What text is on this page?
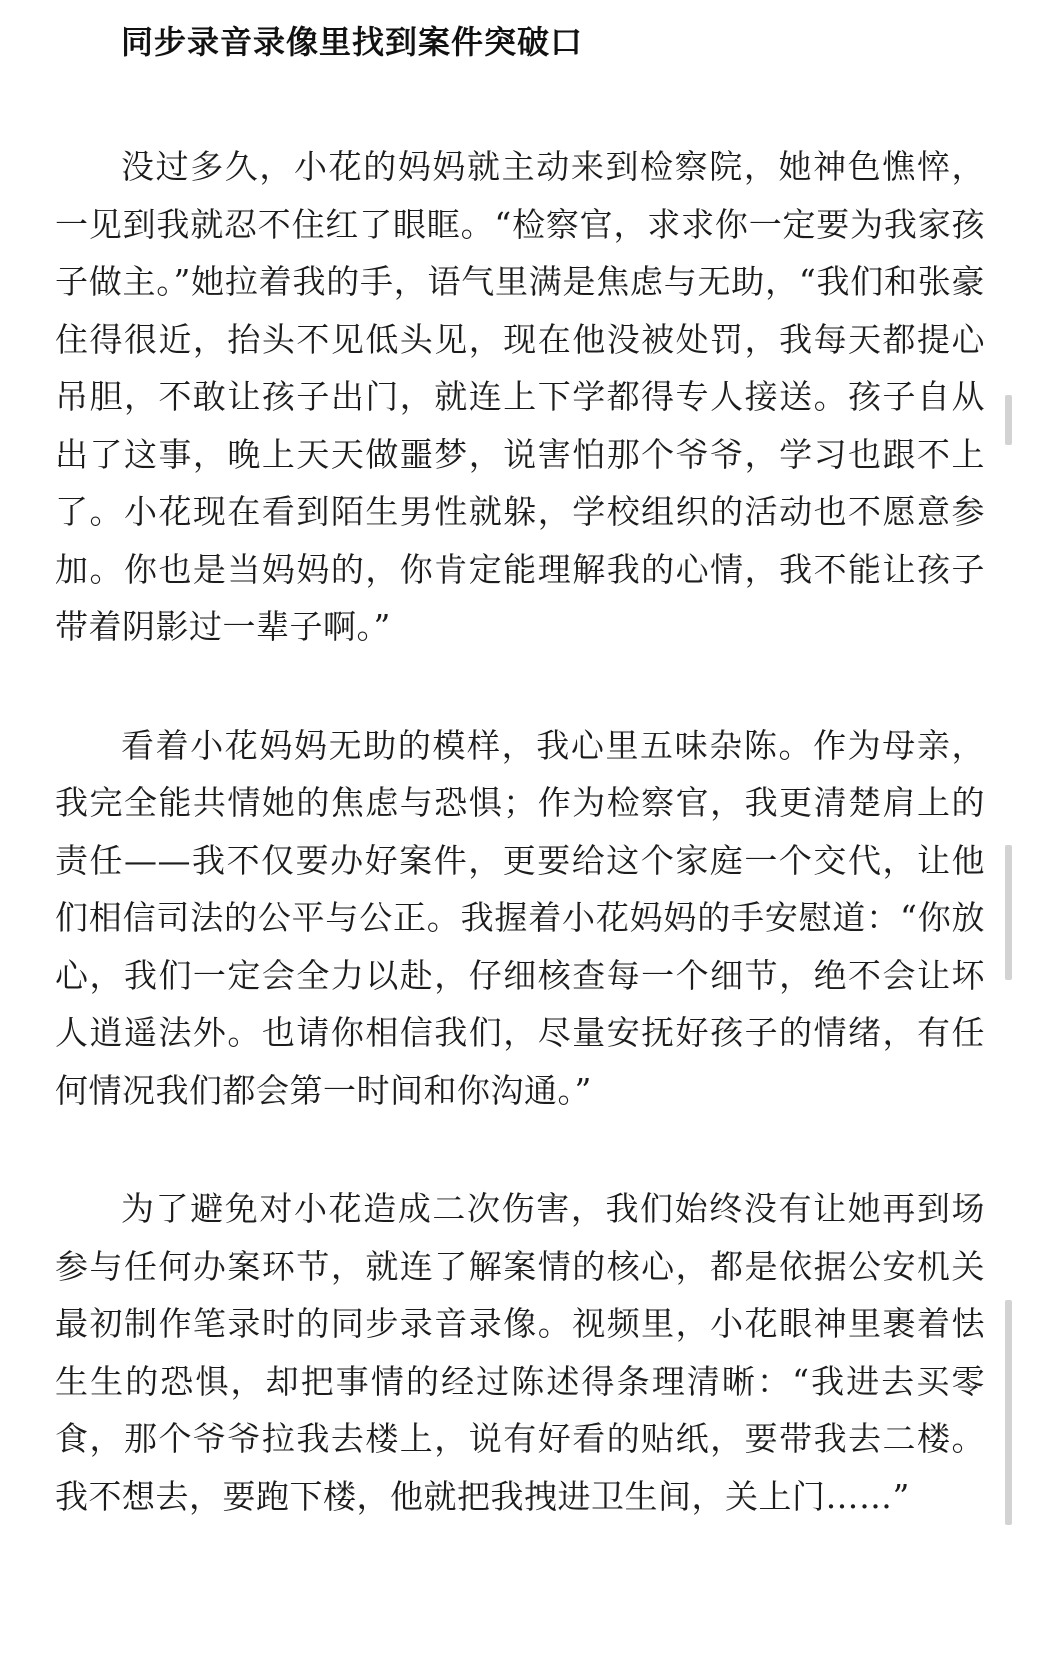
同步录音录像里找到案件突破口

没过多久，小花的妈妈就主动来到检察院，她神色憔悴，一见到我就忍不住红了眼眶。“检察官，求求你一定要为我家孩子做主。”她拉着我的手，语气里满是焦虑与无助，“我们和张豪住得很近，抬头不见低头见，现在他没被处罚，我每天都提心吊胆，不敢让孩子出门，就连上下学都得专人接送。孩子自从出了这事，晚上天天做噩梦，说害怕那个爷爷，学习也跟不上了。小花现在看到陌生男性就躲，学校组织的活动也不愿意参加。你也是当妈妈的，你肯定能理解我的心情，我不能让孩子带着阴影过一辈子啊。”

看着小花妈妈无助的模样，我心里五味杂陈。作为母亲，我完全能共情她的焦虑与恐惧；作为检察官，我更清楚肩上的责任——我不仅要办好案件，更要给这个家庭一个交代，让他们相信司法的公平与公正。我握着小花妈妈的手安慰道：“你放心，我们一定会全力以赴，仔细核查每一个细节，绝不会让坏人逍遥法外。也请你相信我们，尽量安抚好孩子的情绪，有任何情况我们都会第一时间和你沟通。”

为了避免对小花造成二次伤害，我们始终没有让她再到场参与任何办案环节，就连了解案情的核心，都是依据公安机关最初制作笔录时的同步录音录像。视频里，小花眼神里裹着怯生生的恐惧，却把事情的经过陈述得条理清晰：“我进去买零食，那个爷爷拉我去楼上，说有好看的贴纸，要带我去二楼。我不想去，要跑下楼，他就把我拽进卫生间，关上门……”
